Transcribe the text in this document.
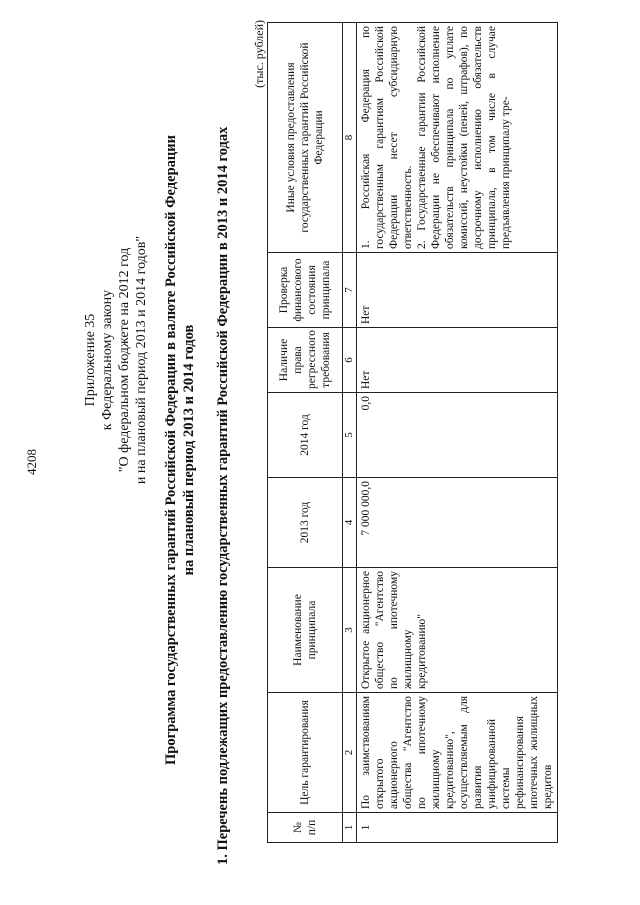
4208
Приложение 35 к Федеральному закону "О федеральном бюджете на 2012 год и на плановый период 2013 и 2014 годов" Программа государственных гарантий Российской Федерации в валюте Российской Федерации на плановый период 2013 и 2014 годов 1. Перечень подлежащих предоставлению государственных гарантий Российской Федерации в 2013 и 2014 годах
(тыс. рублей)
№ п/п	Цель гарантирования	Наименование принципала	2013 год	2014 год	Наличие права регрессного требования	Проверка финансового состояния принципала	Иные условия предоставления государственных гарантий Российской Федерации
1	2	3	4	5	6	7	8
1	По заимствованиям открытого акционерного общества "Агентство по ипотечному жилищному кредитованию", осуществляемым для развития унифицированной системы рефинансирования ипотечных жилищных кредитов	Открытое акционерное общество "Агентство по ипотечному жилищному кредитованию"	7 000 000,0	0,0	Нет	Нет	1. Российская Федерация по государственным гарантиям Российской Федерации несет субсидиарную ответственность. 2. Государственные гарантии Российской Федерации не обеспечивают исполнение обязательств принципала по уплате комиссий, неустойки (пеней, штрафов), по досрочному исполнению обязательств принципала, в том числе в случае предъявления принципалу тре-
